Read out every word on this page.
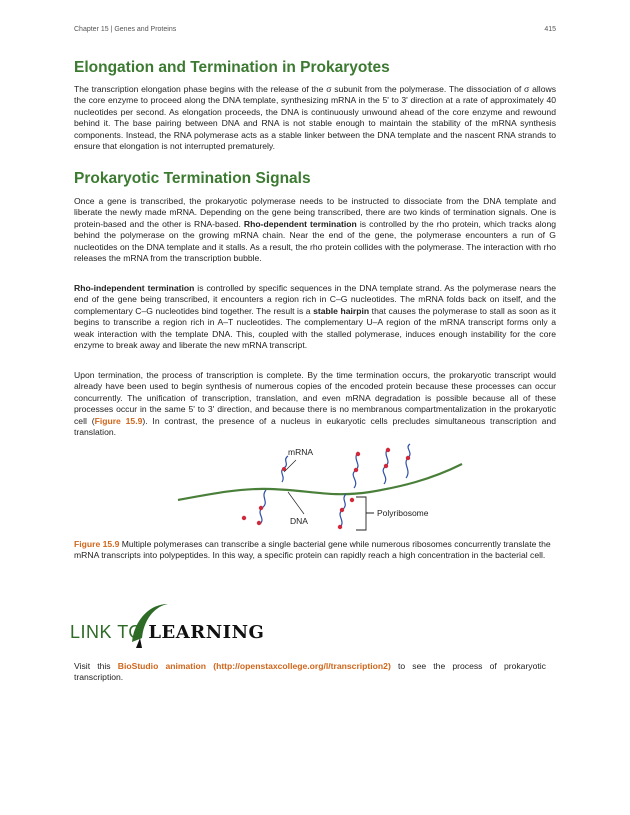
Chapter 15 | Genes and Proteins	415
Elongation and Termination in Prokaryotes

The transcription elongation phase begins with the release of the σ subunit from the polymerase. The dissociation of σ allows the core enzyme to proceed along the DNA template, synthesizing mRNA in the 5' to 3' direction at a rate of approximately 40 nucleotides per second. As elongation proceeds, the DNA is continuously unwound ahead of the core enzyme and rewound behind it. The base pairing between DNA and RNA is not stable enough to maintain the stability of the mRNA synthesis components. Instead, the RNA polymerase acts as a stable linker between the DNA template and the nascent RNA strands to ensure that elongation is not interrupted prematurely.

Prokaryotic Termination Signals

Once a gene is transcribed, the prokaryotic polymerase needs to be instructed to dissociate from the DNA template and liberate the newly made mRNA. Depending on the gene being transcribed, there are two kinds of termination signals. One is protein-based and the other is RNA-based. Rho-dependent termination is controlled by the rho protein, which tracks along behind the polymerase on the growing mRNA chain. Near the end of the gene, the polymerase encounters a run of G nucleotides on the DNA template and it stalls. As a result, the rho protein collides with the polymerase. The interaction with rho releases the mRNA from the transcription bubble.

Rho-independent termination is controlled by specific sequences in the DNA template strand. As the polymerase nears the end of the gene being transcribed, it encounters a region rich in C–G nucleotides. The mRNA folds back on itself, and the complementary C–G nucleotides bind together. The result is a stable hairpin that causes the polymerase to stall as soon as it begins to transcribe a region rich in A–T nucleotides. The complementary U–A region of the mRNA transcript forms only a weak interaction with the template DNA. This, coupled with the stalled polymerase, induces enough instability for the core enzyme to break away and liberate the new mRNA transcript.

Upon termination, the process of transcription is complete. By the time termination occurs, the prokaryotic transcript would already have been used to begin synthesis of numerous copies of the encoded protein because these processes can occur concurrently. The unification of transcription, translation, and even mRNA degradation is possible because all of these processes occur in the same 5' to 3' direction, and because there is no membranous compartmentalization in the prokaryotic cell (Figure 15.9). In contrast, the presence of a nucleus in eukaryotic cells precludes simultaneous transcription and translation.

mRNA
DNA
Polyribosome

Figure 15.9 Multiple polymerases can transcribe a single bacterial gene while numerous ribosomes concurrently translate the mRNA transcripts into polypeptides. In this way, a specific protein can rapidly reach a high concentration in the bacterial cell.

LINK TO LEARNING

Visit this BioStudio animation (http://openstaxcollege.org/l/transcription2) to see the process of prokaryotic transcription.
